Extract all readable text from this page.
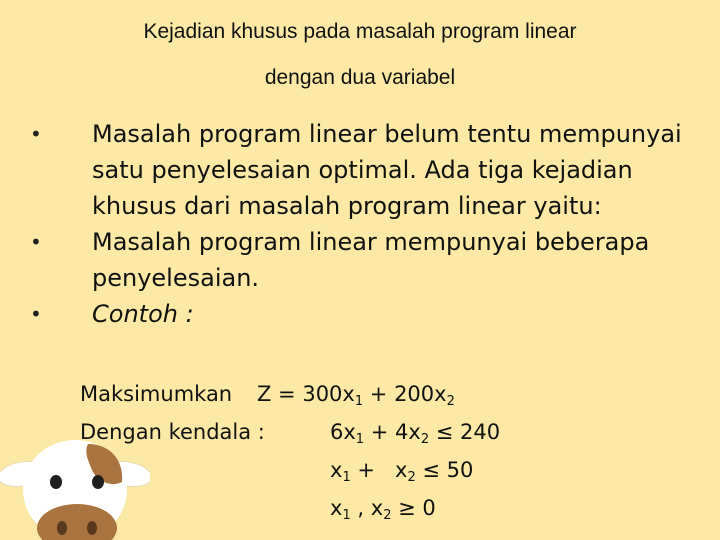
Kejadian khusus pada masalah program linear
dengan dua variabel
• Masalah program linear belum tentu mempunyai satu penyelesaian optimal. Ada tiga kejadian khusus dari masalah program linear yaitu:
• Masalah program linear mempunyai beberapa penyelesaian.
• Contoh :
Maksimumkan $Z = 300x_1 + 200x_2$
Dengan kendala :	$6x_1 + 4x_2 \le 240$
$x_1 + x_2 \le 50$
$x_1$ , $x_2 \ge 0$
